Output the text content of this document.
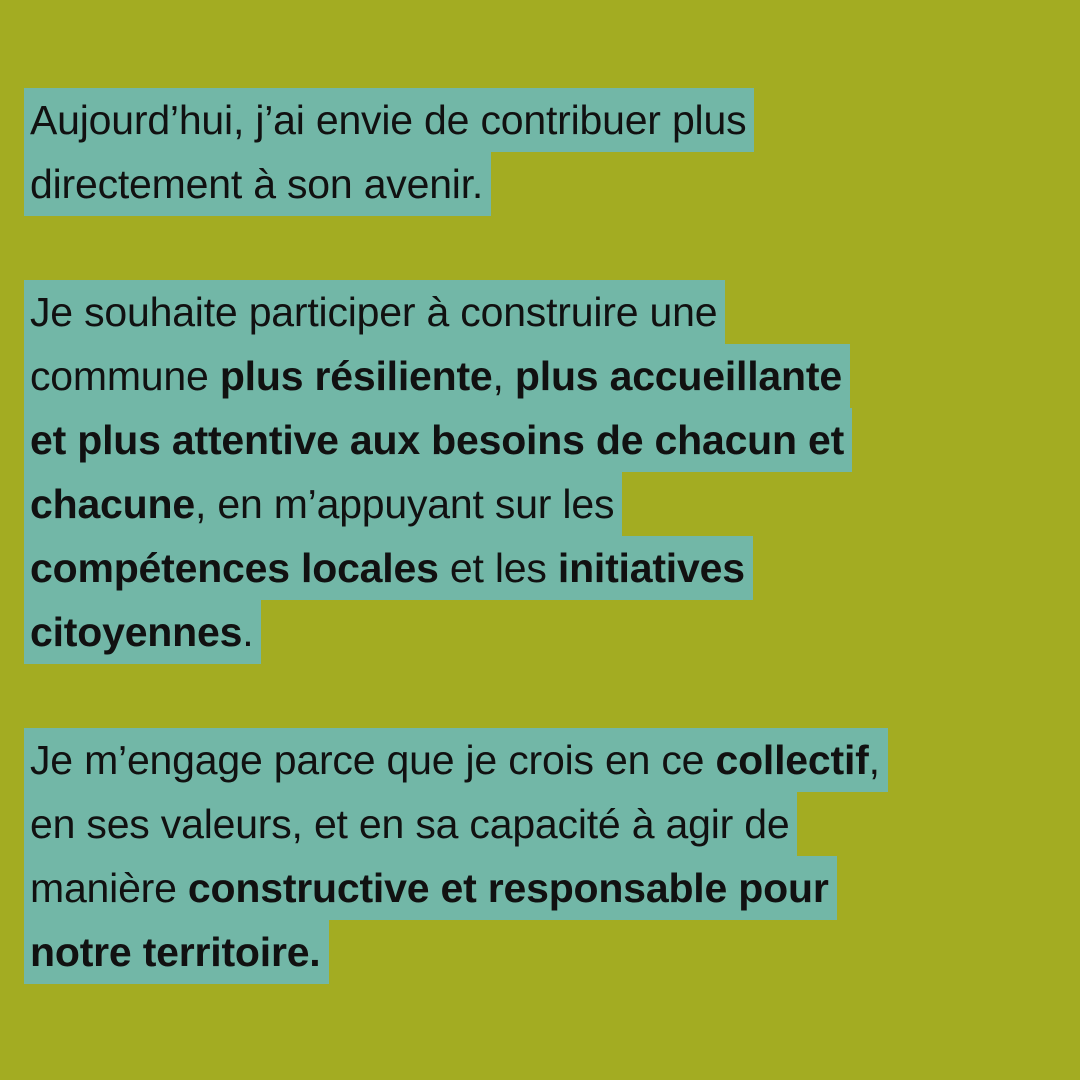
Aujourd’hui, j’ai envie de contribuer plus
directement à son avenir.
Je souhaite participer à construire une
commune plus résiliente, plus accueillante
et plus attentive aux besoins de chacun et
chacune, en m’appuyant sur les
compétences locales et les initiatives
citoyennes.
Je m’engage parce que je crois en ce collectif,
en ses valeurs, et en sa capacité à agir de
manière constructive et responsable pour
notre territoire.
